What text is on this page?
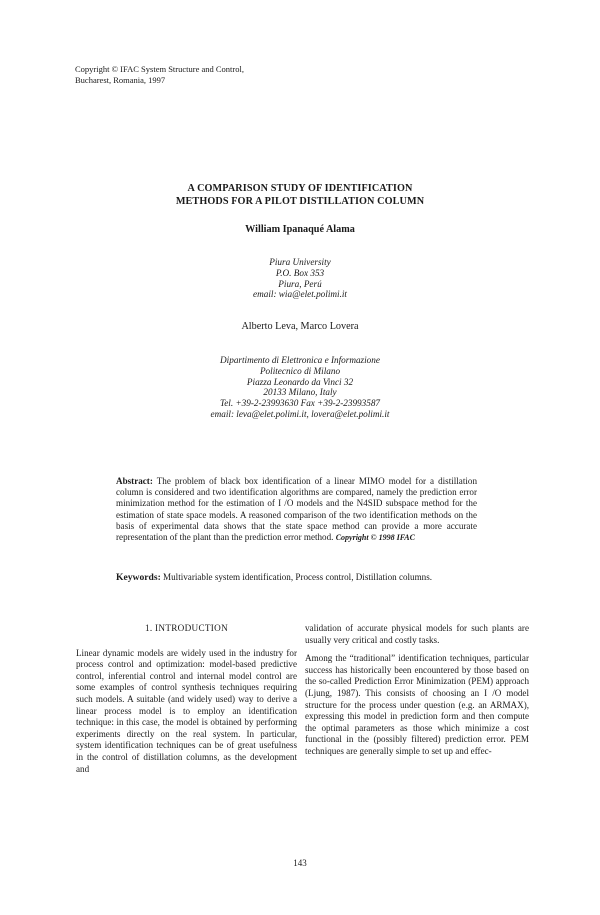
Copyright © IFAC System Structure and Control,
Bucharest, Romania, 1997
A COMPARISON STUDY OF IDENTIFICATION
METHODS FOR A PILOT DISTILLATION COLUMN
William Ipanaqué Alama
Piura University
P.O. Box 353
Piura, Perú
email: wia@elet.polimi.it
Alberto Leva, Marco Lovera
Dipartimento di Elettronica e Informazione
Politecnico di Milano
Piazza Leonardo da Vinci 32
20133 Milano, Italy
Tel. +39-2-23993630 Fax +39-2-23993587
email: leva@elet.polimi.it, lovera@elet.polimi.it
Abstract: The problem of black box identification of a linear MIMO model for a distillation column is considered and two identification algorithms are compared, namely the prediction error minimization method for the estimation of I /O models and the N4SID subspace method for the estimation of state space models. A reasoned comparison of the two identification methods on the basis of experimental data shows that the state space method can provide a more accurate representation of the plant than the prediction error method. Copyright © 1998 IFAC
Keywords: Multivariable system identification, Process control, Distillation columns.
1. INTRODUCTION

Linear dynamic models are widely used in the industry for process control and optimization: model-based predictive control, inferential control and internal model control are some examples of control synthesis techniques requiring such models. A suitable (and widely used) way to derive a linear process model is to employ an identification technique: in this case, the model is obtained by performing experiments directly on the real system. In particular, system identification techniques can be of great usefulness in the control of distillation columns, as the development and

validation of accurate physical models for such plants are usually very critical and costly tasks.

Among the “traditional” identification techniques, particular success has historically been encountered by those based on the so-called Prediction Error Minimization (PEM) approach (Ljung, 1987). This consists of choosing an I /O model structure for the process under question (e.g. an ARMAX), expressing this model in prediction form and then compute the optimal parameters as those which minimize a cost functional in the (possibly filtered) prediction error. PEM techniques are generally simple to set up and effec-

143
